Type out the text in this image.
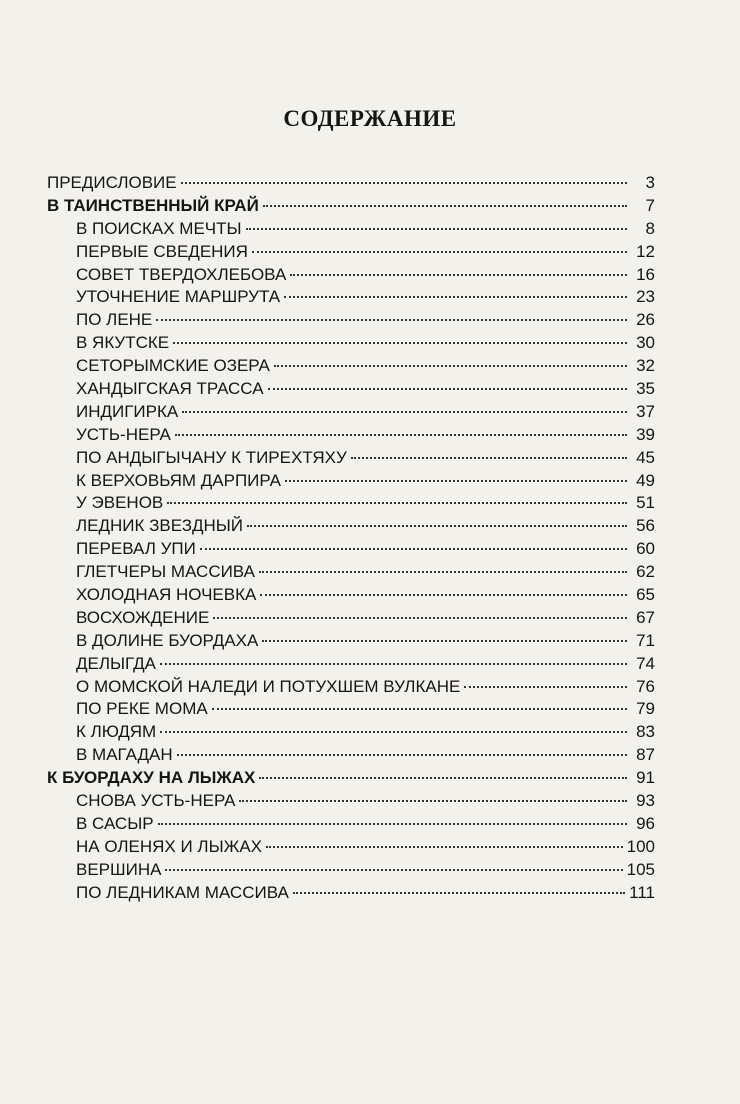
СОДЕРЖАНИЕ
ПРЕДИСЛОВИЕ	3
В ТАИНСТВЕННЫЙ КРАЙ	7
В ПОИСКАХ МЕЧТЫ	8
ПЕРВЫЕ СВЕДЕНИЯ	12
СОВЕТ ТВЕРДОХЛЕБОВА	16
УТОЧНЕНИЕ МАРШРУТА	23
ПО ЛЕНЕ	26
В ЯКУТСКЕ	30
СЕТОРЫМСКИЕ ОЗЕРА	32
ХАНДЫГСКАЯ ТРАССА	35
ИНДИГИРКА	37
УСТЬ-НЕРА	39
ПО АНДЫГЫЧАНУ К ТИРЕХТЯХУ	45
К ВЕРХОВЬЯМ ДАРПИРА	49
У ЭВЕНОВ	51
ЛЕДНИК ЗВЕЗДНЫЙ	56
ПЕРЕВАЛ УПИ	60
ГЛЕТЧЕРЫ МАССИВА	62
ХОЛОДНАЯ НОЧЕВКА	65
ВОСХОЖДЕНИЕ	67
В ДОЛИНЕ БУОРДАХА	71
ДЕЛЫГДА	74
О МОМСКОЙ НАЛЕДИ И ПОТУХШЕМ ВУЛКАНЕ	76
ПО РЕКЕ МОМА	79
К ЛЮДЯМ	83
В МАГАДАН	87
К БУОРДАХУ НА ЛЫЖАХ	91
СНОВА УСТЬ-НЕРА	93
В САСЫР	96
НА ОЛЕНЯХ И ЛЫЖАХ	100
ВЕРШИНА	105
ПО ЛЕДНИКАМ МАССИВА	111
